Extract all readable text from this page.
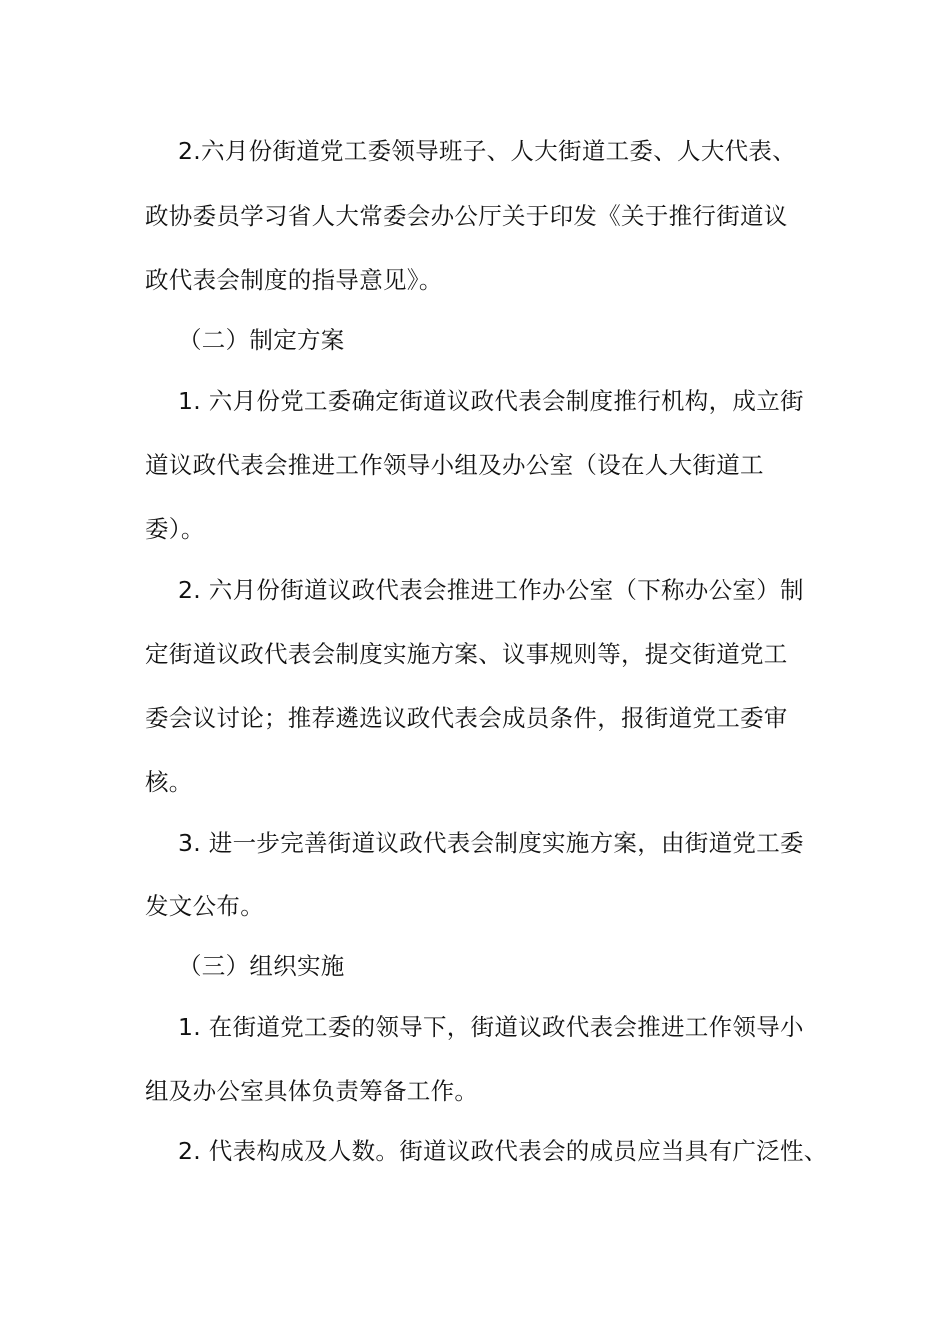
2.六月份街道党工委领导班子、人大街道工委、人大代表、
政协委员学习省人大常委会办公厅关于印发《关于推行街道议
政代表会制度的指导意见》。
（二）制定方案
1. 六月份党工委确定街道议政代表会制度推行机构，成立街
道议政代表会推进工作领导小组及办公室（设在人大街道工
委）。
2. 六月份街道议政代表会推进工作办公室（下称办公室）制
定街道议政代表会制度实施方案、议事规则等，提交街道党工
委会议讨论；推荐遴选议政代表会成员条件，报街道党工委审
核。
3. 进一步完善街道议政代表会制度实施方案，由街道党工委
发文公布。
（三）组织实施
1. 在街道党工委的领导下，街道议政代表会推进工作领导小
组及办公室具体负责筹备工作。
2. 代表构成及人数。街道议政代表会的成员应当具有广泛性、
